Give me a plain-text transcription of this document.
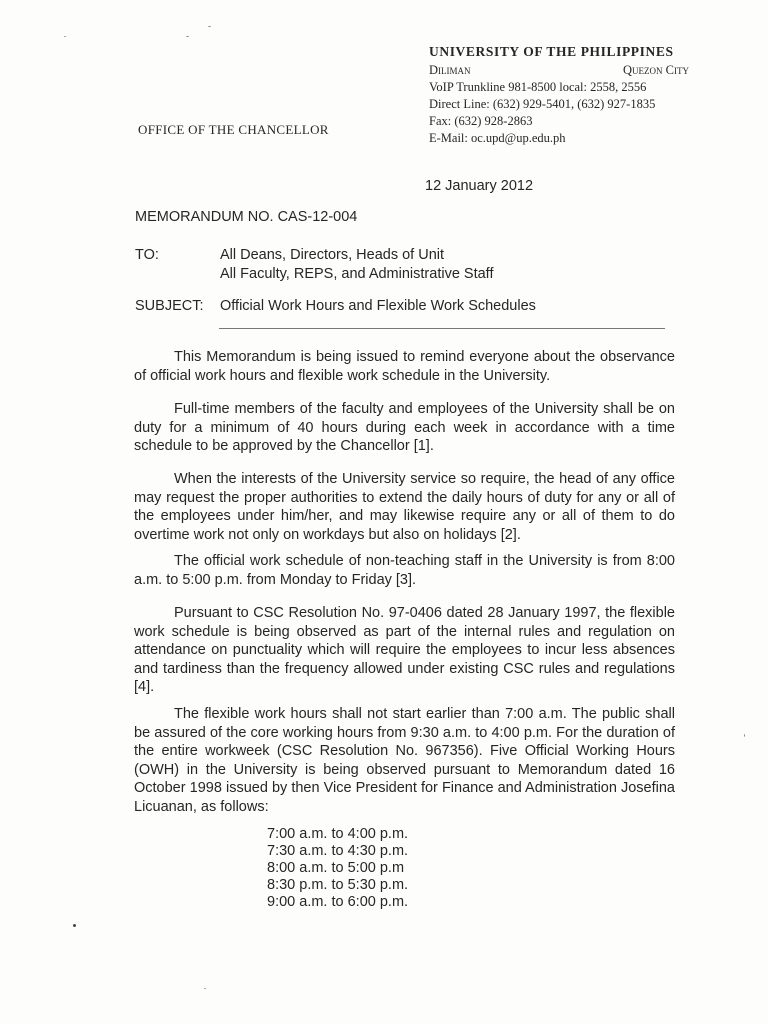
UNIVERSITY OF THE PHILIPPINES
Diliman	Quezon City
VoIP Trunkline 981-8500 local: 2558, 2556
Direct Line: (632) 929-5401, (632) 927-1835
Fax: (632) 928-2863
E-Mail: oc.upd@up.edu.ph
OFFICE OF THE CHANCELLOR
12 January 2012
MEMORANDUM NO. CAS-12-004
TO:	All Deans, Directors, Heads of Unit
All Faculty, REPS, and Administrative Staff
SUBJECT:	Official Work Hours and Flexible Work Schedules

This Memorandum is being issued to remind everyone about the observance of official work hours and flexible work schedule in the University.

Full-time members of the faculty and employees of the University shall be on duty for a minimum of 40 hours during each week in accordance with a time schedule to be approved by the Chancellor [1].

When the interests of the University service so require, the head of any office may request the proper authorities to extend the daily hours of duty for any or all of the employees under him/her, and may likewise require any or all of them to do overtime work not only on workdays but also on holidays [2].

The official work schedule of non-teaching staff in the University is from 8:00 a.m. to 5:00 p.m. from Monday to Friday [3].

Pursuant to CSC Resolution No. 97-0406 dated 28 January 1997, the flexible work schedule is being observed as part of the internal rules and regulation on attendance on punctuality which will require the employees to incur less absences and tardiness than the frequency allowed under existing CSC rules and regulations [4].

The flexible work hours shall not start earlier than 7:00 a.m. The public shall be assured of the core working hours from 9:30 a.m. to 4:00 p.m. For the duration of the entire workweek (CSC Resolution No. 967356). Five Official Working Hours (OWH) in the University is being observed pursuant to Memorandum dated 16 October 1998 issued by then Vice President for Finance and Administration Josefina Licuanan, as follows:

7:00 a.m. to 4:00 p.m.
7:30 a.m. to 4:30 p.m.
8:00 a.m. to 5:00 p.m
8:30 p.m. to 5:30 p.m.
9:00 a.m. to 6:00 p.m.
